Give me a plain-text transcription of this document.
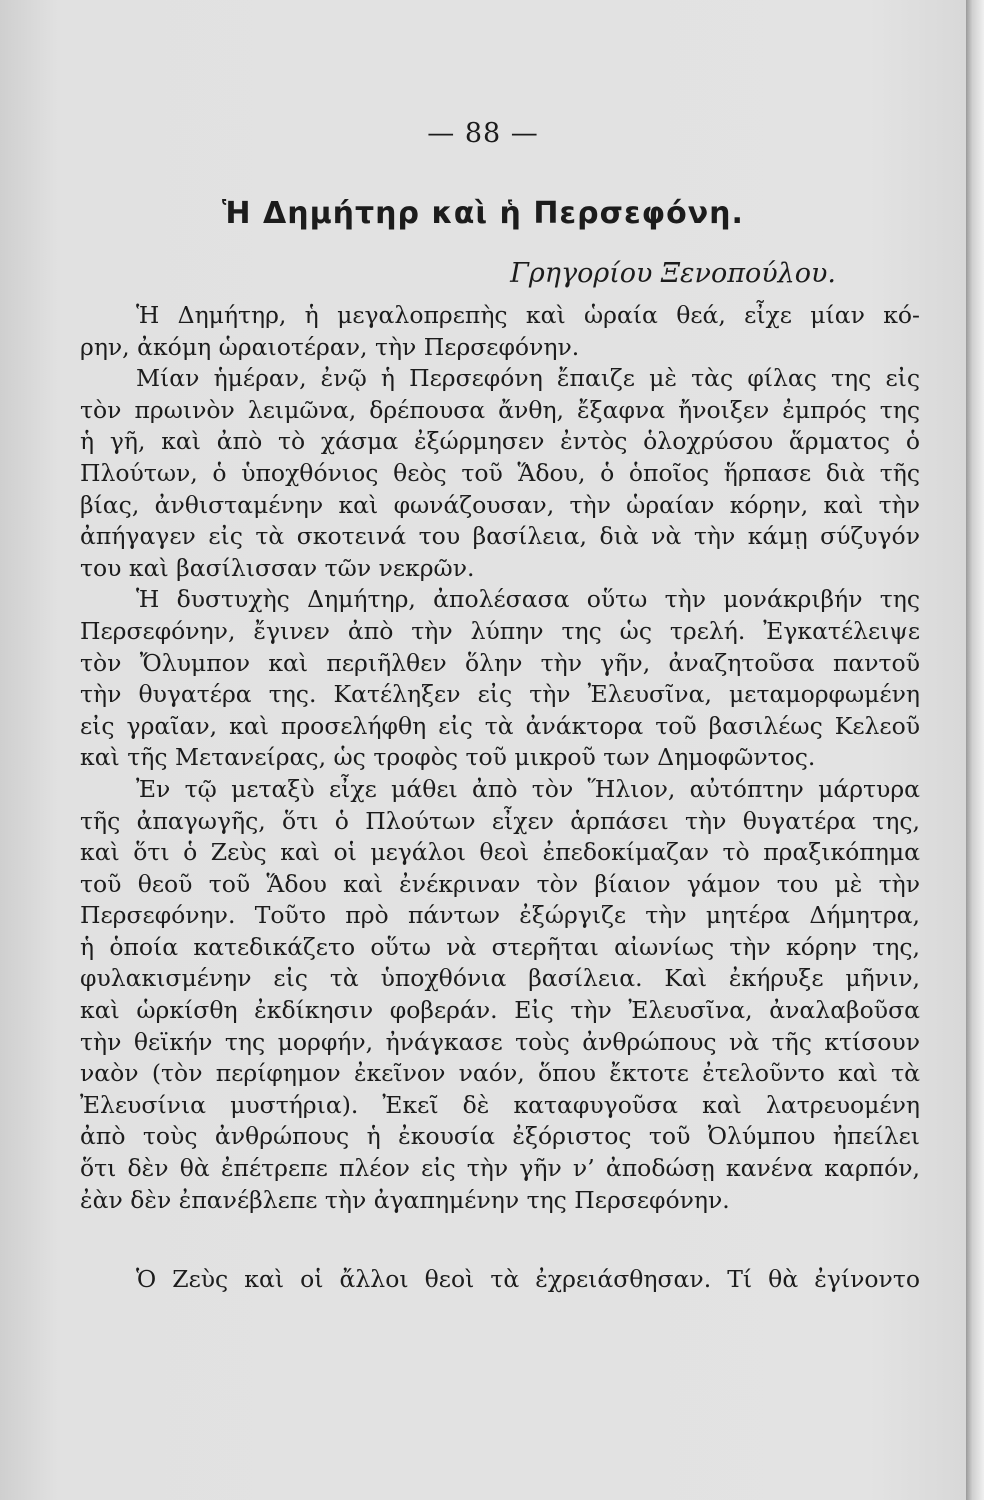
— 88 —
Ἡ Δημήτηρ καὶ ἡ Περσεφόνη.
Γρηγορίου Ξενοπούλου.
Ἡ Δημήτηρ, ἡ μεγαλοπρεπὴς καὶ ὡραία θεά, εἶχε μίαν κό-
ρην, ἀκόμη ὡραιοτέραν, τὴν Περσεφόνην.
Μίαν ἡμέραν, ἐνῷ ἡ Περσεφόνη ἔπαιζε μὲ τὰς φίλας της εἰς
τὸν πρωινὸν λειμῶνα, δρέπουσα ἄνθη, ἔξαφνα ἤνοιξεν ἐμπρός της
ἡ γῆ, καὶ ἀπὸ τὸ χάσμα ἐξώρμησεν ἐντὸς ὁλοχρύσου ἅρματος ὁ
Πλούτων, ὁ ὑποχθόνιος θεὸς τοῦ Ἅδου, ὁ ὁποῖος ἥρπασε διὰ τῆς
βίας, ἀνθισταμένην καὶ φωνάζουσαν, τὴν ὡραίαν κόρην, καὶ τὴν
ἀπήγαγεν εἰς τὰ σκοτεινά του βασίλεια, διὰ νὰ τὴν κάμῃ σύζυγόν
του καὶ βασίλισσαν τῶν νεκρῶν.
Ἡ δυστυχὴς Δημήτηρ, ἀπολέσασα οὕτω τὴν μονάκριβήν της
Περσεφόνην, ἔγινεν ἀπὸ τὴν λύπην της ὡς τρελή. Ἐγκατέλειψε
τὸν Ὄλυμπον καὶ περιῆλθεν ὅλην τὴν γῆν, ἀναζητοῦσα παντοῦ
τὴν θυγατέρα της. Κατέληξεν εἰς τὴν Ἐλευσῖνα, μεταμορφωμένη
εἰς γραῖαν, καὶ προσελήφθη εἰς τὰ ἀνάκτορα τοῦ βασιλέως Κελεοῦ
καὶ τῆς Μετανείρας, ὡς τροφὸς τοῦ μικροῦ των Δημοφῶντος.
Ἐν τῷ μεταξὺ εἶχε μάθει ἀπὸ τὸν Ἥλιον, αὐτόπτην μάρτυρα
τῆς ἀπαγωγῆς, ὅτι ὁ Πλούτων εἶχεν ἁρπάσει τὴν θυγατέρα της,
καὶ ὅτι ὁ Ζεὺς καὶ οἱ μεγάλοι θεοὶ ἐπεδοκίμαζαν τὸ πραξικόπημα
τοῦ θεοῦ τοῦ Ἅδου καὶ ἐνέκριναν τὸν βίαιον γάμον του μὲ τὴν
Περσεφόνην. Τοῦτο πρὸ πάντων ἐξώργιζε τὴν μητέρα Δήμητρα,
ἡ ὁποία κατεδικάζετο οὕτω νὰ στερῆται αἰωνίως τὴν κόρην της,
φυλακισμένην εἰς τὰ ὑποχθόνια βασίλεια. Καὶ ἐκήρυξε μῆνιν,
καὶ ὡρκίσθη ἐκδίκησιν φοβεράν. Εἰς τὴν Ἐλευσῖνα, ἀναλαβοῦσα
τὴν θεϊκήν της μορφήν, ἠνάγκασε τοὺς ἀνθρώπους νὰ τῆς κτίσουν
ναὸν (τὸν περίφημον ἐκεῖνον ναόν, ὅπου ἔκτοτε ἐτελοῦντο καὶ τὰ
Ἐλευσίνια μυστήρια). Ἐκεῖ δὲ καταφυγοῦσα καὶ λατρευομένη
ἀπὸ τοὺς ἀνθρώπους ἡ ἐκουσία ἐξόριστος τοῦ Ὀλύμπου ἠπείλει
ὅτι δὲν θὰ ἐπέτρεπε πλέον εἰς τὴν γῆν ν’ ἀποδώσῃ κανένα καρπόν,
ἐὰν δὲν ἐπανέβλεπε τὴν ἀγαπημένην της Περσεφόνην.
Ὁ Ζεὺς καὶ οἱ ἄλλοι θεοὶ τὰ ἐχρειάσθησαν. Τί θὰ ἐγίνοντο
